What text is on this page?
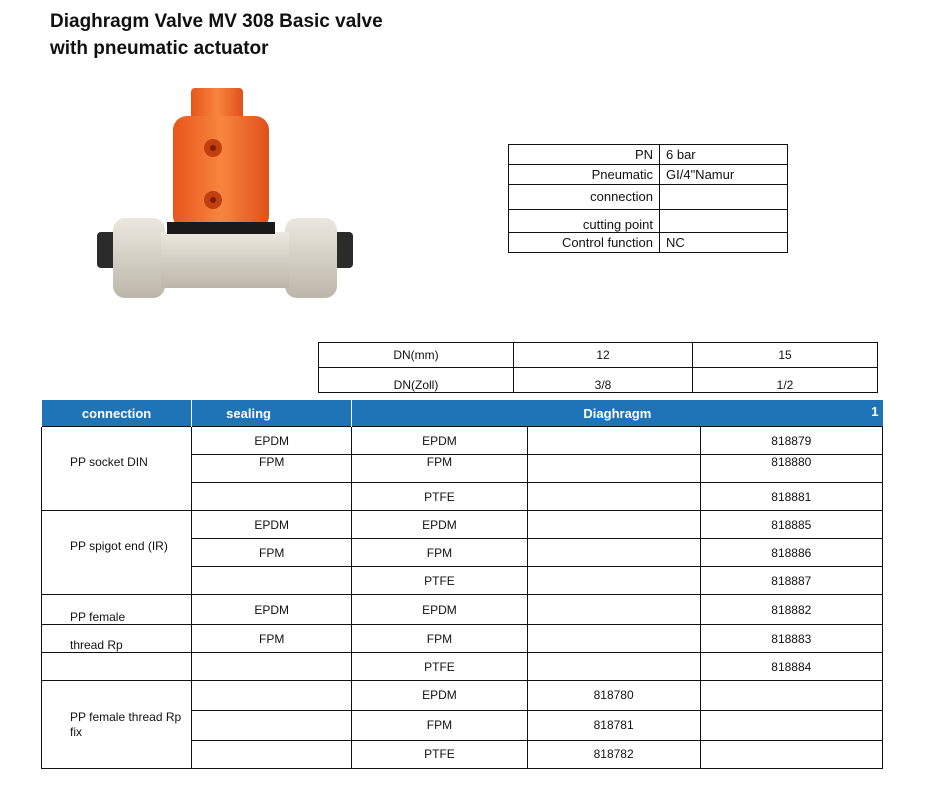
Diaghragm Valve MV 308 Basic valve
with pneumatic actuator
PN	6 bar
Pneumatic	GI/4"Namur
connection	
cutting point	
Control function	NC
DN(mm)	12	15
DN(Zoll)	3/8	1/2
connection	sealing	Diaghragm 1		

	EPDM	EPDM		818879
PP socket DIN	FPM	FPM		818880
		PTFE		818881
	EPDM	EPDM		818885
PP spigot end (IR)	FPM	FPM		818886
		PTFE		818887
PP female	EPDM	EPDM		818882
thread Rp	FPM	FPM		818883
		PTFE		818884
		EPDM	818780	
PP female thread Rp fix		FPM	818781	
		PTFE	818782	
